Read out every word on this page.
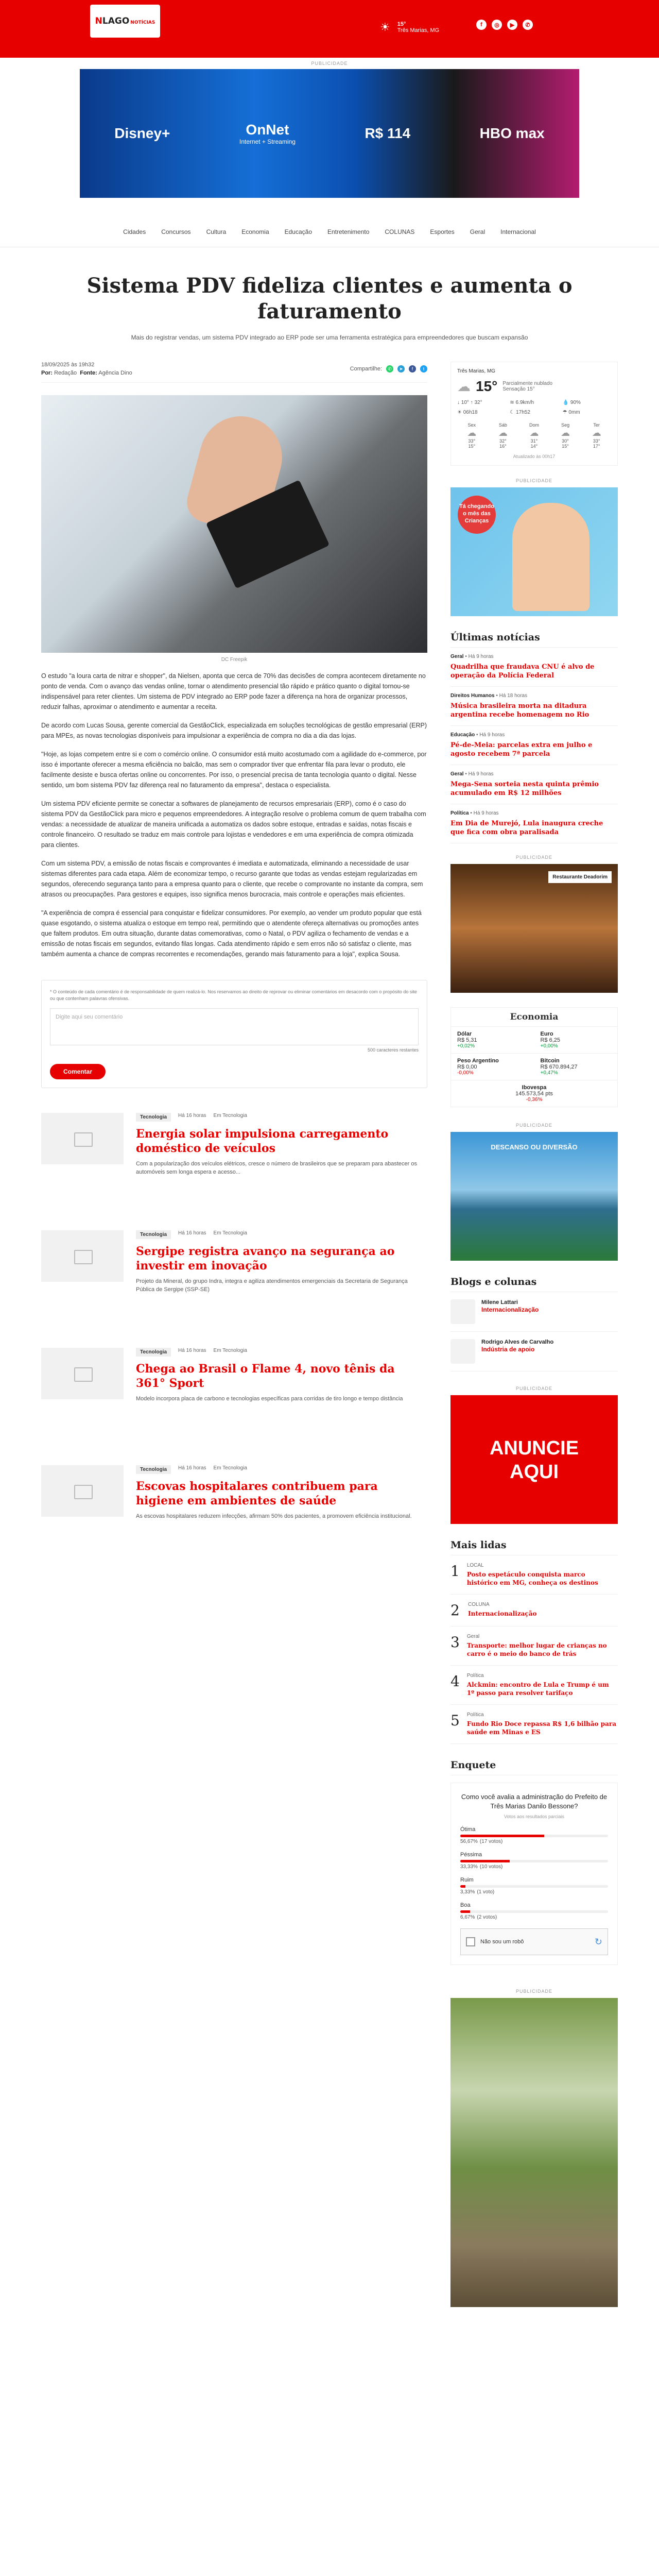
NLAGO NOTÍCIAS	☀ 15°
Três Marias, MG
f	◎	▶	✆
PUBLICIDADE
Disney+	OnNet
Internet + Streaming
R$ 114	HBO max
Cidades	Concursos	Cultura	Economia	Educação	Entretenimento	COLUNAS	Esportes	Geral	Internacional
Sistema PDV fideliza clientes e aumenta o faturamento

Mais do registrar vendas, um sistema PDV integrado ao ERP pode ser uma ferramenta estratégica para empreendedores que buscam expansão

18/09/2025 às 19h32
Por: Redação Fonte: Agência Dino
Compartilhe:	✆	➤	f	t
DC Freepik

O estudo "a loura carta de nitrar e shopper", da Nielsen, aponta que cerca de 70% das decisões de compra acontecem diretamente no ponto de venda. Com o avanço das vendas online, tornar o atendimento presencial tão rápido e prático quanto o digital tornou-se indispensável para reter clientes. Um sistema de PDV integrado ao ERP pode fazer a diferença na hora de organizar processos, reduzir falhas, aproximar o atendimento e aumentar a receita.

De acordo com Lucas Sousa, gerente comercial da GestãoClick, especializada em soluções tecnológicas de gestão empresarial (ERP) para MPEs, as novas tecnologias disponíveis para impulsionar a experiência de compra no dia a dia das lojas.

"Hoje, as lojas competem entre si e com o comércio online. O consumidor está muito acostumado com a agilidade do e-commerce, por isso é importante oferecer a mesma eficiência no balcão, mas sem o comprador tiver que enfrentar fila para levar o produto, ele facilmente desiste e busca ofertas online ou concorrentes. Por isso, o presencial precisa de tanta tecnologia quanto o digital. Nesse sentido, um bom sistema PDV faz diferença real no faturamento da empresa", destaca o especialista.

Um sistema PDV eficiente permite se conectar a softwares de planejamento de recursos empresariais (ERP), como é o caso do sistema PDV da GestãoClick para micro e pequenos empreendedores. A integração resolve o problema comum de quem trabalha com vendas: a necessidade de atualizar de maneira unificada a automatiza os dados sobre estoque, entradas e saídas, notas fiscais e controle financeiro. O resultado se traduz em mais controle para lojistas e vendedores e em uma experiência de compra otimizada para clientes.

Com um sistema PDV, a emissão de notas fiscais e comprovantes é imediata e automatizada, eliminando a necessidade de usar sistemas diferentes para cada etapa. Além de economizar tempo, o recurso garante que todas as vendas estejam regularizadas em segundos, oferecendo segurança tanto para a empresa quanto para o cliente, que recebe o comprovante no instante da compra, sem atrasos ou preocupações. Para gestores e equipes, isso significa menos burocracia, mais controle e operações mais eficientes.

"A experiência de compra é essencial para conquistar e fidelizar consumidores. Por exemplo, ao vender um produto popular que está quase esgotando, o sistema atualiza o estoque em tempo real, permitindo que o atendente ofereça alternativas ou promoções antes que faltem produtos. Em outra situação, durante datas comemorativas, como o Natal, o PDV agiliza o fechamento de vendas e a emissão de notas fiscais em segundos, evitando filas longas. Cada atendimento rápido e sem erros não só satisfaz o cliente, mas também aumenta a chance de compras recorrentes e recomendações, gerando mais faturamento para a loja", explica Sousa.

* O conteúdo de cada comentário é de responsabilidade de quem realizá-lo. Nos reservamos ao direito de reprovar ou eliminar comentários em desacordo com o propósito do site ou que contenham palavras ofensivas.
Digite aqui seu comentário
500 caracteres restantes
Comentar
Tecnologia	Há 16 horas Em Tecnologia
Energia solar impulsiona carregamento doméstico de veículos

Com a popularização dos veículos elétricos, cresce o número de brasileiros que se preparam para abastecer os automóveis sem longa espera e acesso...

Tecnologia	Há 16 horas Em Tecnologia
Sergipe registra avanço na segurança ao investir em inovação

Projeto da Mineral, do grupo Indra, integra e agiliza atendimentos emergenciais da Secretaria de Segurança Pública de Sergipe (SSP-SE)

Tecnologia	Há 16 horas Em Tecnologia
Chega ao Brasil o Flame 4, novo tênis da 361° Sport

Modelo incorpora placa de carbono e tecnologias específicas para corridas de tiro longo e tempo distância

Tecnologia	Há 16 horas Em Tecnologia
Escovas hospitalares contribuem para higiene em ambientes de saúde

As escovas hospitalares reduzem infecções, afirmam 50% dos pacientes, a promovem eficiência institucional.

Três Marias, MG
☁ 15° Parcialmente nublado
Sensação 15°
↓ 10° ↑ 32°	≋ 6.9km/h	💧 90%
☀ 06h18	☾ 17h52	☂ 0mm
Sex
☁
33°
15°
Sáb
☁
32°
16°
Dom
☁
31°
14°
Seg
☁
30°
15°
Ter
☁
33°
17°
Atualizado às 00h17
PUBLICIDADE
Tá chegando o mês das Crianças
Últimas notícias
Geral • Há 9 horas
Quadrilha que fraudava CNU é alvo de operação da Polícia Federal
Direitos Humanos • Há 18 horas
Música brasileira morta na ditadura argentina recebe homenagem no Rio
Educação • Há 9 horas
Pé-de-Meia: parcelas extra em julho e agosto recebem 7ª parcela
Geral • Há 9 horas
Mega-Sena sorteia nesta quinta prêmio acumulado em R$ 12 milhões
Política • Há 9 horas
Em Dia de Murejó, Lula inaugura creche que fica com obra paralisada
PUBLICIDADE
Restaurante Deadorim
Economia
Dólar
R$ 5,31
+0,02%
Euro
R$ 6,25
+0,00%
Peso Argentino
R$ 0,00
-0,00%
Bitcoin
R$ 670.894,27
+0,47%
Ibovespa
145.573,54 pts
-0,36%
PUBLICIDADE
DESCANSO OU DIVERSÃO
Blogs e colunas
Milene Lattari
Internacionalização
Rodrigo Alves de Carvalho
Indústria de apoio
PUBLICIDADE
ANUNCIE
AQUI
Mais lidas
1 LOCAL
Posto espetáculo conquista marco histórico em MG, conheça os destinos
2 COLUNA
Internacionalização
3 Geral
Transporte: melhor lugar de crianças no carro é o meio do banco de trás
4 Política
Alckmin: encontro de Lula e Trump é um 1º passo para resolver tarifaço
5 Política
Fundo Rio Doce repassa R$ 1,6 bilhão para saúde em Minas e ES
Enquete
Como você avalia a administração do Prefeito de Três Marias Danilo Bessone?
Votos aos resultados parciais
Ótima
56,67% (17 votos)
Péssima
33,33% (10 votos)
Ruim
3,33% (1 voto)
Boa
6,67% (2 votos)
Não sou um robô	↻
PUBLICIDADE
